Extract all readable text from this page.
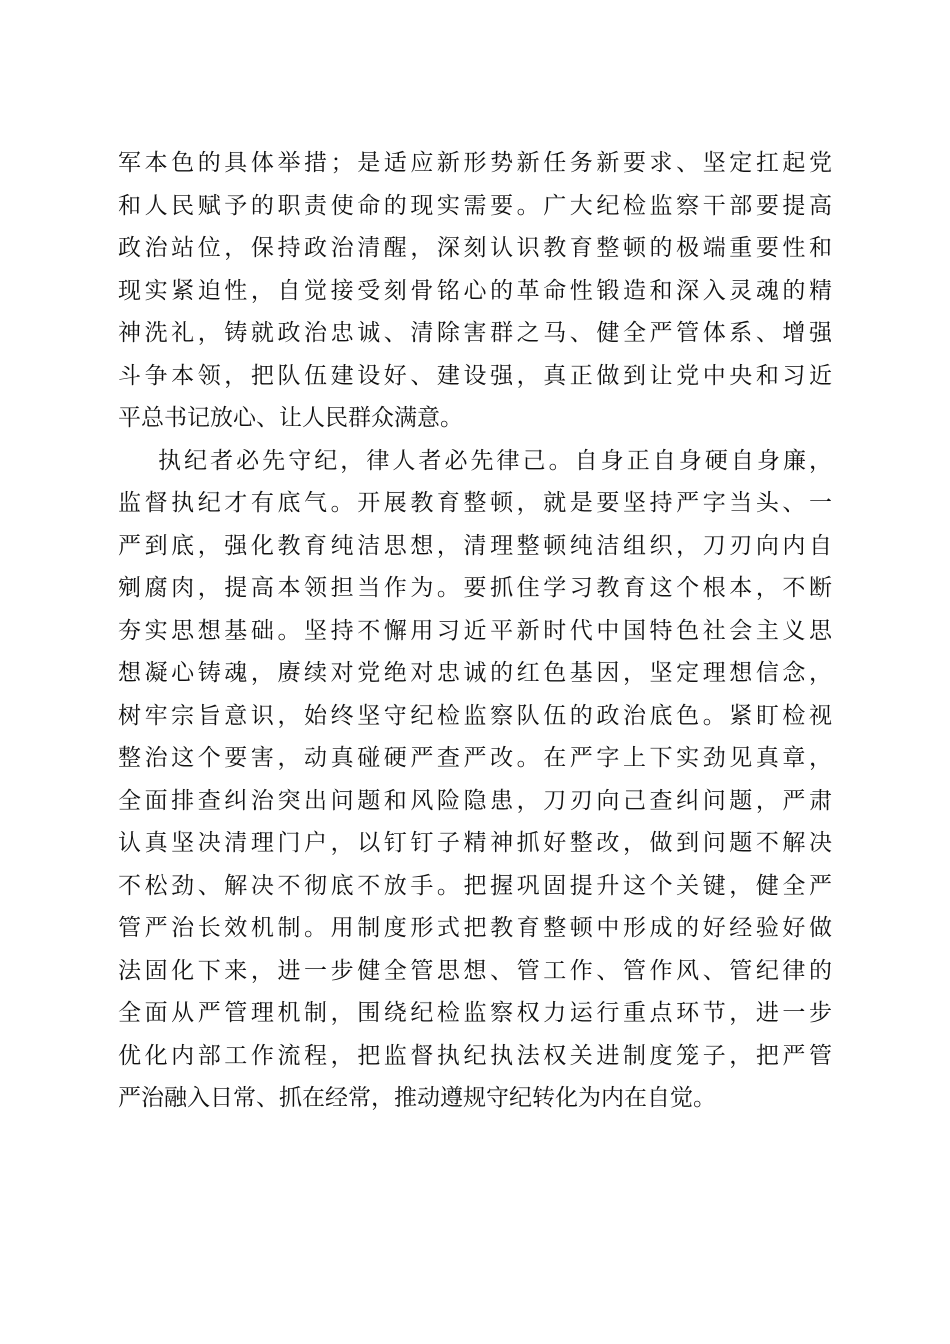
军本色的具体举措；是适应新形势新任务新要求、坚定扛起党
和人民赋予的职责使命的现实需要。广大纪检监察干部要提高
政治站位，保持政治清醒，深刻认识教育整顿的极端重要性和
现实紧迫性，自觉接受刻骨铭心的革命性锻造和深入灵魂的精
神洗礼，铸就政治忠诚、清除害群之马、健全严管体系、增强
斗争本领，把队伍建设好、建设强，真正做到让党中央和习近
平总书记放心、让人民群众满意。
执纪者必先守纪，律人者必先律己。自身正自身硬自身廉，
监督执纪才有底气。开展教育整顿，就是要坚持严字当头、一
严到底，强化教育纯洁思想，清理整顿纯洁组织，刀刃向内自
剜腐肉，提高本领担当作为。要抓住学习教育这个根本，不断
夯实思想基础。坚持不懈用习近平新时代中国特色社会主义思
想凝心铸魂，赓续对党绝对忠诚的红色基因，坚定理想信念，
树牢宗旨意识，始终坚守纪检监察队伍的政治底色。紧盯检视
整治这个要害，动真碰硬严查严改。在严字上下实劲见真章，
全面排查纠治突出问题和风险隐患，刀刃向己查纠问题，严肃
认真坚决清理门户，以钉钉子精神抓好整改，做到问题不解决
不松劲、解决不彻底不放手。把握巩固提升这个关键，健全严
管严治长效机制。用制度形式把教育整顿中形成的好经验好做
法固化下来，进一步健全管思想、管工作、管作风、管纪律的
全面从严管理机制，围绕纪检监察权力运行重点环节，进一步
优化内部工作流程，把监督执纪执法权关进制度笼子，把严管
严治融入日常、抓在经常，推动遵规守纪转化为内在自觉。
